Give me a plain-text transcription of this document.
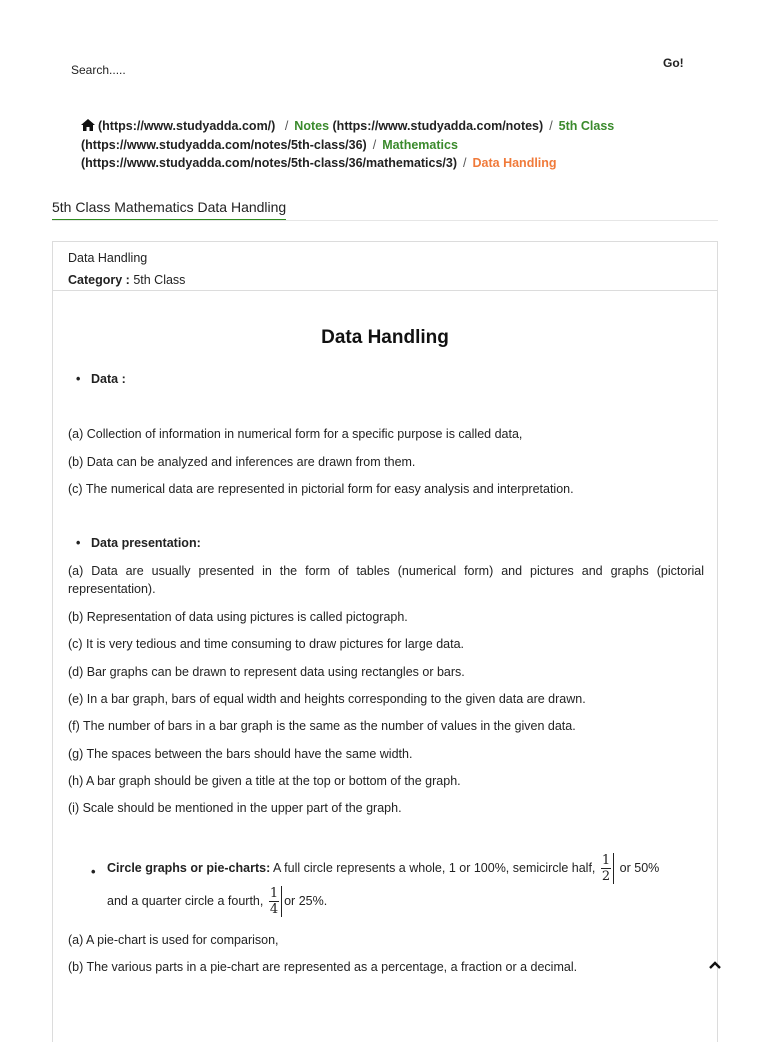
Search.....
Go!
(https://www.studyadda.com/) / Notes (https://www.studyadda.com/notes) / 5th Class
(https://www.studyadda.com/notes/5th-class/36) / Mathematics
(https://www.studyadda.com/notes/5th-class/36/mathematics/3) / Data Handling
5th Class Mathematics Data Handling
Data Handling
Category : 5th Class
Data Handling
• Data :
(a) Collection of information in numerical form for a specific purpose is called data,
(b) Data can be analyzed and inferences are drawn from them.
(c) The numerical data are represented in pictorial form for easy analysis and interpretation.
• Data presentation:
(a) Data are usually presented in the form of tables (numerical form) and pictures and graphs (pictorial representation).
(b) Representation of data using pictures is called pictograph.
(c) It is very tedious and time consuming to draw pictures for large data.
(d) Bar graphs can be drawn to represent data using rectangles or bars.
(e) In a bar graph, bars of equal width and heights corresponding to the given data are drawn.
(f) The number of bars in a bar graph is the same as the number of values in the given data.
(g) The spaces between the bars should have the same width.
(h) A bar graph should be given a title at the top or bottom of the graph.
(i) Scale should be mentioned in the upper part of the graph.
Circle graphs or pie-charts: A full circle represents a whole, 1 or 100%, semicircle half, $\frac{1}{2}$ or 50%
•
and a quarter circle a fourth, $\frac{1}{4}$ or 25%.
(a) A pie-chart is used for comparison,
(b) The various parts in a pie-chart are represented as a percentage, a fraction or a decimal.
